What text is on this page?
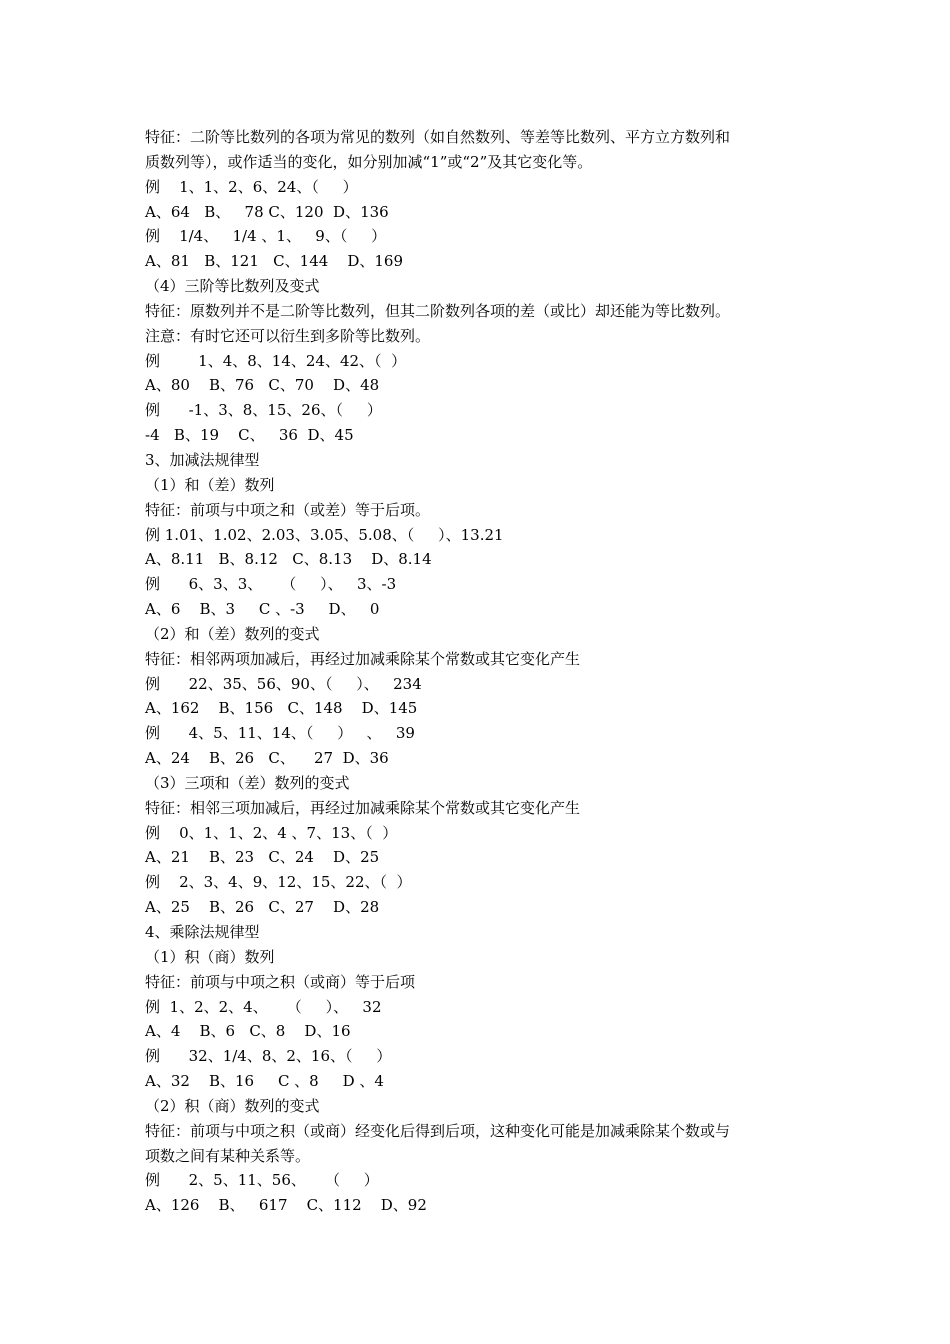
特征：二阶等比数列的各项为常见的数列（如自然数列、等差等比数列、平方立方数列和
质数列等），或作适当的变化，如分别加减“1”或“2”及其它变化等。
例    1、1、2、6、24、（     ）
A、64   B、   78 C、120  D、136
例    1/4、   1/4 、1、   9、（     ）
A、81   B、121   C、144    D、169
（4）三阶等比数列及变式
特征：原数列并不是二阶等比数列，但其二阶数列各项的差（或比）却还能为等比数列。
注意：有时它还可以衍生到多阶等比数列。
例        1、4、8、14、24、42、（  ）
A、80    B、76   C、70    D、48
例      -1、3、8、15、26、（     ）
-4   B、19    C、   36  D、45
3、加减法规律型
（1）和（差）数列
特征：前项与中项之和（或差）等于后项。
例 1.01、1.02、2.03、3.05、5.08、（     ）、13.21
A、8.11   B、8.12   C、8.13    D、8.14
例      6、3、3、    （     ）、   3、-3
A、6    B、3     C 、-3     D、   0
（2）和（差）数列的变式
特征：相邻两项加减后，再经过加减乘除某个常数或其它变化产生
例      22、35、56、90、（     ）、   234
A、162    B、156   C、148    D、145
例      4、5、11、14、（     ）   、   39
A、24    B、26   C、    27  D、36
（3）三项和（差）数列的变式
特征：相邻三项加减后，再经过加减乘除某个常数或其它变化产生
例    0、1、1、2、4 、7、13、（  ）
A、21    B、23   C、24    D、25
例    2、3、4、9、12、15、22、（  ）
A、25    B、26   C、27    D、28
4、乘除法规律型
（1）积（商）数列
特征：前项与中项之积（或商）等于后项
例  1、2、2、4、    （     ）、   32
A、4    B、6   C、8    D、16
例      32、1/4、8、2、16、（     ）
A、32    B、16     C 、8     D 、4
（2）积（商）数列的变式
特征：前项与中项之积（或商）经变化后得到后项，这种变化可能是加减乘除某个数或与
项数之间有某种关系等。
例      2、5、11、56、    （     ）
A、126    B、   617    C、112    D、92
